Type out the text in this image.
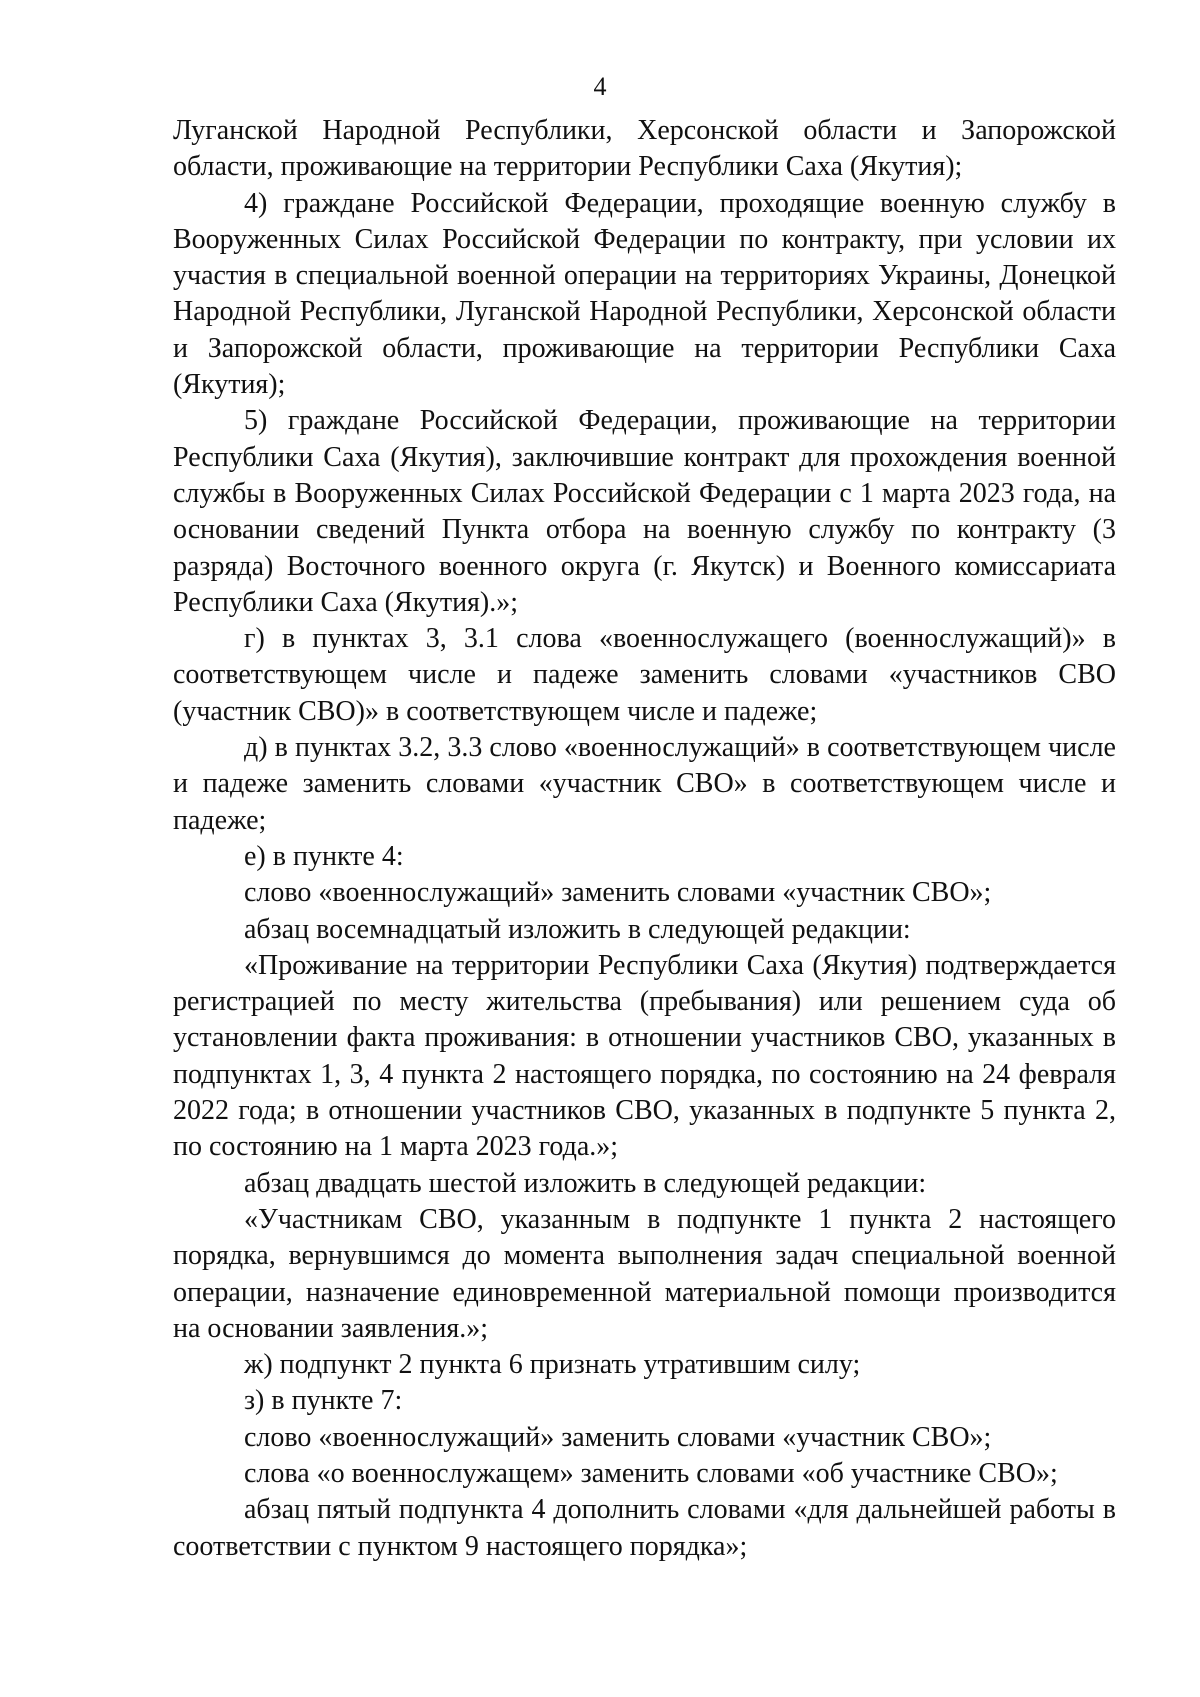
4

Луганской Народной Республики, Херсонской области и Запорожской области, проживающие на территории Республики Саха (Якутия);

4) граждане Российской Федерации, проходящие военную службу в Вооруженных Силах Российской Федерации по контракту, при условии их участия в специальной военной операции на территориях Украины, Донецкой Народной Республики, Луганской Народной Республики, Херсонской области и Запорожской области, проживающие на территории Республики Саха (Якутия);

5) граждане Российской Федерации, проживающие на территории Республики Саха (Якутия), заключившие контракт для прохождения военной службы в Вооруженных Силах Российской Федерации с 1 марта 2023 года, на основании сведений Пункта отбора на военную службу по контракту (3 разряда) Восточного военного округа (г. Якутск) и Военного комиссариата Республики Саха (Якутия).»;

г) в пунктах 3, 3.1 слова «военнослужащего (военнослужащий)» в соответствующем числе и падеже заменить словами «участников СВО (участник СВО)» в соответствующем числе и падеже;

д) в пунктах 3.2, 3.3 слово «военнослужащий» в соответствующем числе и падеже заменить словами «участник СВО» в соответствующем числе и падеже;

е) в пункте 4:

слово «военнослужащий» заменить словами «участник СВО»;

абзац восемнадцатый изложить в следующей редакции:

«Проживание на территории Республики Саха (Якутия) подтверждается регистрацией по месту жительства (пребывания) или решением суда об установлении факта проживания: в отношении участников СВО, указанных в подпунктах 1, 3, 4 пункта 2 настоящего порядка, по состоянию на 24 февраля 2022 года; в отношении участников СВО, указанных в подпункте 5 пункта 2, по состоянию на 1 марта 2023 года.»;

абзац двадцать шестой изложить в следующей редакции:

«Участникам СВО, указанным в подпункте 1 пункта 2 настоящего порядка, вернувшимся до момента выполнения задач специальной военной операции, назначение единовременной материальной помощи производится на основании заявления.»;

ж) подпункт 2 пункта 6 признать утратившим силу;

з) в пункте 7:

слово «военнослужащий» заменить словами «участник СВО»;

слова «о военнослужащем» заменить словами «об участнике СВО»;

абзац пятый подпункта 4 дополнить словами «для дальнейшей работы в соответствии с пунктом 9 настоящего порядка»;
